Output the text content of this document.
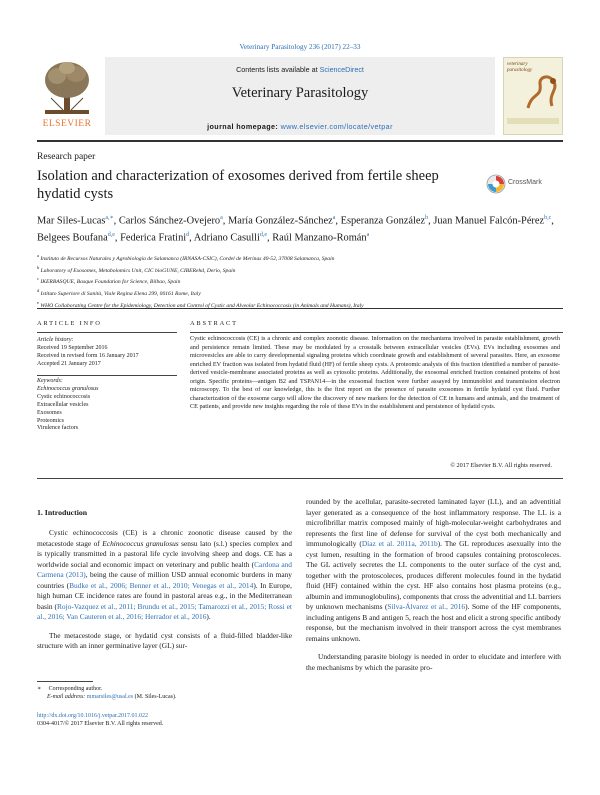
Veterinary Parasitology 236 (2017) 22–33
ELSEVIER
Contents lists available at ScienceDirect
Veterinary Parasitology
journal homepage: www.elsevier.com/locate/vetpar
veterinary parasitology
Research paper
Isolation and characterization of exosomes derived from fertile sheep hydatid cysts
CrossMark
Mar Siles-Lucas$^{a,∗}$, Carlos Sánchez-Ovejero$^a$, María González-Sánchez$^a$, Esperanza González$^b$, Juan Manuel Falcón-Pérez$^{b,c}$, Belgees Boufana$^{d,e}$, Federica Fratini$^d$, Adriano Casulli$^{d,e}$, Raúl Manzano-Román$^a$
$^a$ Instituto de Recursos Naturales y Agrobiología de Salamanca (IRNASA-CSIC), Cordel de Merinas 40-52, 37008 Salamanca, Spain
$^b$ Laboratory of Exosomes, Metabolomics Unit, CIC bioGUNE, CIBERehd, Derio, Spain
$^c$ IKERBASQUE, Basque Foundation for Science, Bilbao, Spain
$^d$ Istituto Superiore di Sanità, Viale Regina Elena 299, 00161 Rome, Italy
$^e$ WHO Collaborating Centre for the Epidemiology, Detection and Control of Cystic and Alveolar Echinococcosis (in Animals and Humans), Italy
ARTICLE INFO
Article history:
Received 19 September 2016
Received in revised form 16 January 2017
Accepted 21 January 2017
Keywords:
Echinococcus granulosus
Cystic echinococcosis
Extracellular vesicles
Exosomes
Proteomics
Virulence factors
ABSTRACT
Cystic echinococcosis (CE) is a chronic and complex zoonotic disease. Information on the mechanisms involved in parasite establishment, growth and persistence remain limited. These may be modulated by a crosstalk between extracellular vesicles (EVs). EVs including exosomes and microvesicles are able to carry developmental signaling proteins which coordinate growth and establishment of several parasites. Here, an exosome enriched EV fraction was isolated from hydatid fluid (HF) of fertile sheep cysts. A proteomic analysis of this fraction identified a number of parasite-derived vesicle-membrane associated proteins as well as cytosolic proteins. Additionally, the exosomal enriched fraction contained proteins of host origin. Specific proteins—antigen B2 and TSPAN14—in the exosomal fraction were further assayed by immunoblot and transmission electron microscopy. To the best of our knowledge, this is the first report on the presence of parasite exosomes in fertile hydatid cyst fluid. Further characterization of the exosome cargo will allow the discovery of new markers for the detection of CE in humans and animals, and the treatment of CE patients, and provide new insights regarding the role of these EVs in the establishment and persistence of hydatid cysts.
© 2017 Elsevier B.V. All rights reserved.
1. Introduction

Cystic echinococcosis (CE) is a chronic zoonotic disease caused by the metacestode stage of Echinococcus granulosus sensu lato (s.l.) species complex and is typically transmitted in a pastoral life cycle involving sheep and dogs. CE has a worldwide social and economic impact on veterinary and public health (Cardona and Carmena (2013), being the cause of million USD annual economic burdens in many countries (Budke et al., 2006; Benner et al., 2010; Venegas et al., 2014). In Europe, high human CE incidence rates are found in pastoral areas e.g., in the Mediterranean basin (Rojo-Vazquez et al., 2011; Brundu et al., 2015; Tamarozzi et al., 2015; Rossi et al., 2016; Van Cauteren et al., 2016; Herrador et al., 2016).

The metacestode stage, or hydatid cyst consists of a fluid-filled bladder-like structure with an inner germinative layer (GL) sur-

rounded by the acellular, parasite-secreted laminated layer (LL), and an adventitial layer generated as a consequence of the host inflammatory response. The LL is a microfibrillar matrix composed mainly of high-molecular-weight carbohydrates and represents the first line of defense for survival of the cyst both mechanically and immunologically (Díaz et al. 2011a, 2011b). The GL reproduces asexually into the cyst lumen, resulting in the formation of brood capsules containing protoscoleces. The GL actively secretes the LL components to the outer surface of the cyst and, together with the protoscoleces, produces different molecules found in the hydatid fluid (HF) contained within the cyst. HF also contains host plasma proteins (e.g., albumin and immunoglobulins), components that cross the adventitial and LL barriers by unknown mechanisms (Silva-Álvarez et al., 2016). Some of the HF components, including antigens B and antigen 5, reach the host and elicit a strong specific antibody response, but the mechanism involved in their transport across the cyst membranes remains unknown.

Understanding parasite biology is needed in order to elucidate and interfere with the mechanisms by which the parasite pro-

∗ Corresponding author.
E-mail address: mmarsiles@usal.es (M. Siles-Lucas).
http://dx.doi.org/10.1016/j.vetpar.2017.01.022
0304-4017/© 2017 Elsevier B.V. All rights reserved.
